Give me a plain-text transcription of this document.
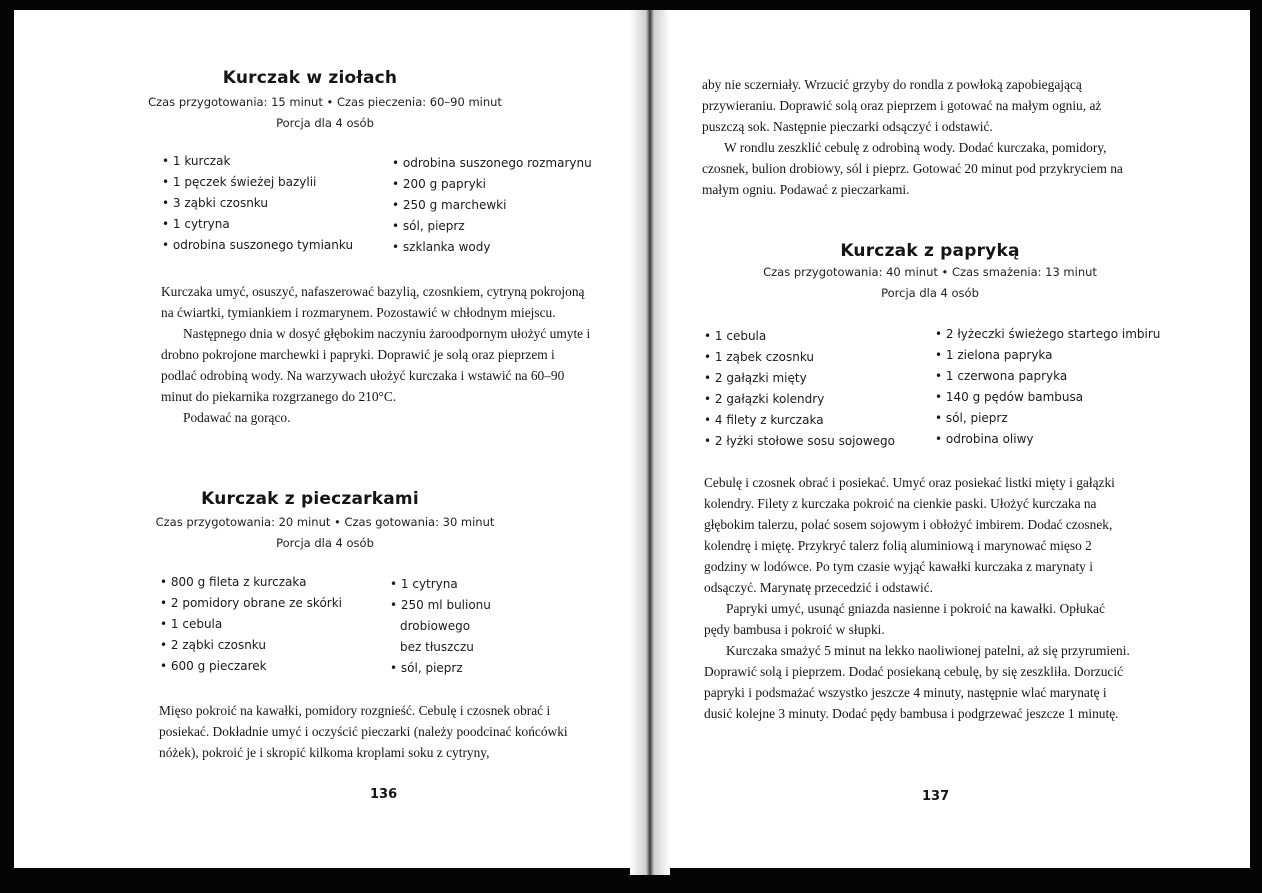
Kurczak w ziołach

Czas przygotowania: 15 minut • Czas pieczenia: 60–90 minut
Porcja dla 4 osób

• 1 kurczak
• 1 pęczek świeżej bazylii
• 3 ząbki czosnku
• 1 cytryna
• odrobina suszonego tymianku
• odrobina suszonego rozmarynu
• 200 g papryki
• 250 g marchewki
• sól, pieprz
• szklanka wody

Kurczaka umyć, osuszyć, nafaszerować bazylią, czosnkiem, cytryną pokrojoną na ćwiartki, tymiankiem i rozmarynem. Pozostawić w chłodnym miejscu.

Następnego dnia w dosyć głębokim naczyniu żaroodpornym ułożyć umyte i drobno pokrojone marchewki i papryki. Doprawić je solą oraz pieprzem i podlać odrobiną wody. Na warzywach ułożyć kurczaka i wstawić na 60–90 minut do piekarnika rozgrzanego do 210°C.

Podawać na gorąco.

Kurczak z pieczarkami

Czas przygotowania: 20 minut • Czas gotowania: 30 minut
Porcja dla 4 osób

• 800 g fileta z kurczaka
• 2 pomidory obrane ze skórki
• 1 cebula
• 2 ząbki czosnku
• 600 g pieczarek
• 1 cytryna
• 250 ml bulionu
drobiowego
bez tłuszczu
• sól, pieprz

Mięso pokroić na kawałki, pomidory rozgnieść. Cebulę i czosnek obrać i posiekać. Dokładnie umyć i oczyścić pieczarki (należy poodcinać końcówki nóżek), pokroić je i skropić kilkoma kroplami soku z cytryny,

136

aby nie sczerniały. Wrzucić grzyby do rondla z powłoką zapobiegającą przywieraniu. Doprawić solą oraz pieprzem i gotować na małym ogniu, aż puszczą sok. Następnie pieczarki odsączyć i odstawić.

W rondlu zeszklić cebulę z odrobiną wody. Dodać kurczaka, pomidory, czosnek, bulion drobiowy, sól i pieprz. Gotować 20 minut pod przykryciem na małym ogniu. Podawać z pieczarkami.

Kurczak z papryką

Czas przygotowania: 40 minut • Czas smażenia: 13 minut
Porcja dla 4 osób

• 1 cebula
• 1 ząbek czosnku
• 2 gałązki mięty
• 2 gałązki kolendry
• 4 filety z kurczaka
• 2 łyżki stołowe sosu sojowego
• 2 łyżeczki świeżego startego imbiru
• 1 zielona papryka
• 1 czerwona papryka
• 140 g pędów bambusa
• sól, pieprz
• odrobina oliwy

Cebulę i czosnek obrać i posiekać. Umyć oraz posiekać listki mięty i gałązki kolendry. Filety z kurczaka pokroić na cienkie paski. Ułożyć kurczaka na głębokim talerzu, polać sosem sojowym i obłożyć imbirem. Dodać czosnek, kolendrę i miętę. Przykryć talerz folią aluminiową i marynować mięso 2 godziny w lodówce. Po tym czasie wyjąć kawałki kurczaka z marynaty i odsączyć. Marynatę przecedzić i odstawić.

Papryki umyć, usunąć gniazda nasienne i pokroić na kawałki. Opłukać pędy bambusa i pokroić w słupki.

Kurczaka smażyć 5 minut na lekko naoliwionej patelni, aż się przyrumieni. Doprawić solą i pieprzem. Dodać posiekaną cebulę, by się zeszkliła. Dorzucić papryki i podsmażać wszystko jeszcze 4 minuty, następnie wlać marynatę i dusić kolejne 3 minuty. Dodać pędy bambusa i podgrzewać jeszcze 1 minutę.

137
